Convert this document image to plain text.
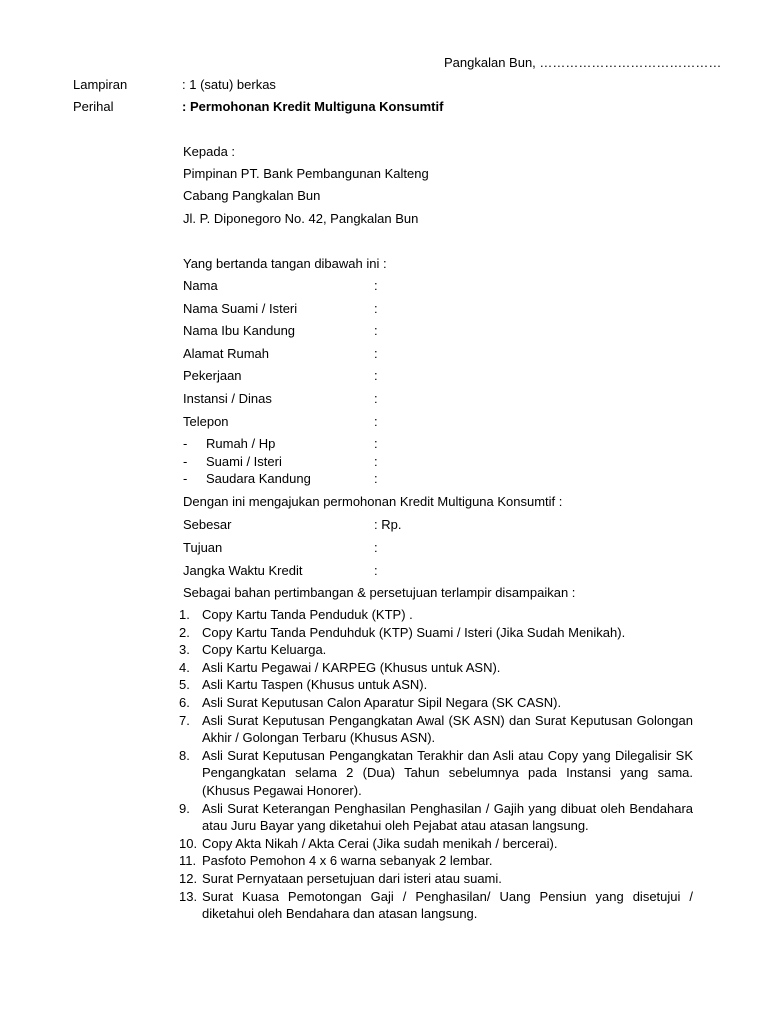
Pangkalan Bun, ……………………………………
Lampiran	: 1 (satu) berkas
Perihal	: Permohonan Kredit Multiguna Konsumtif
Kepada :
Pimpinan PT. Bank Pembangunan Kalteng
Cabang Pangkalan Bun
Jl. P. Diponegoro No. 42, Pangkalan Bun
Yang bertanda tangan dibawah ini :
Nama	:
Nama Suami / Isteri	:
Nama Ibu Kandung	:
Alamat Rumah	:
Pekerjaan	:
Instansi / Dinas	:
Telepon	:
- Rumah / Hp	:
- Suami / Isteri	:
- Saudara Kandung	:
Dengan ini mengajukan permohonan Kredit Multiguna Konsumtif :
Sebesar	: Rp.
Tujuan	:
Jangka Waktu Kredit	:
Sebagai bahan pertimbangan & persetujuan terlampir disampaikan :
1. Copy Kartu Tanda Penduduk (KTP) .
2. Copy Kartu Tanda Penduhduk (KTP) Suami / Isteri (Jika Sudah Menikah).
3. Copy Kartu Keluarga.
4. Asli Kartu Pegawai / KARPEG (Khusus untuk ASN).
5. Asli Kartu Taspen (Khusus untuk ASN).
6. Asli Surat Keputusan Calon Aparatur Sipil Negara (SK CASN).
7. Asli Surat Keputusan Pengangkatan Awal (SK ASN) dan Surat Keputusan Golongan Akhir / Golongan Terbaru (Khusus ASN).
8. Asli Surat Keputusan Pengangkatan Terakhir dan Asli atau Copy yang Dilegalisir SK Pengangkatan selama 2 (Dua) Tahun sebelumnya pada Instansi yang sama. (Khusus Pegawai Honorer).
9. Asli Surat Keterangan Penghasilan Penghasilan / Gajih yang dibuat oleh Bendahara atau Juru Bayar yang diketahui oleh Pejabat atau atasan langsung.
10. Copy Akta Nikah / Akta Cerai (Jika sudah menikah / bercerai).
11. Pasfoto Pemohon 4 x 6 warna sebanyak 2 lembar.
12. Surat Pernyataan persetujuan dari isteri atau suami.
13. Surat Kuasa Pemotongan Gaji / Penghasilan/ Uang Pensiun yang disetujui / diketahui oleh Bendahara dan atasan langsung.
